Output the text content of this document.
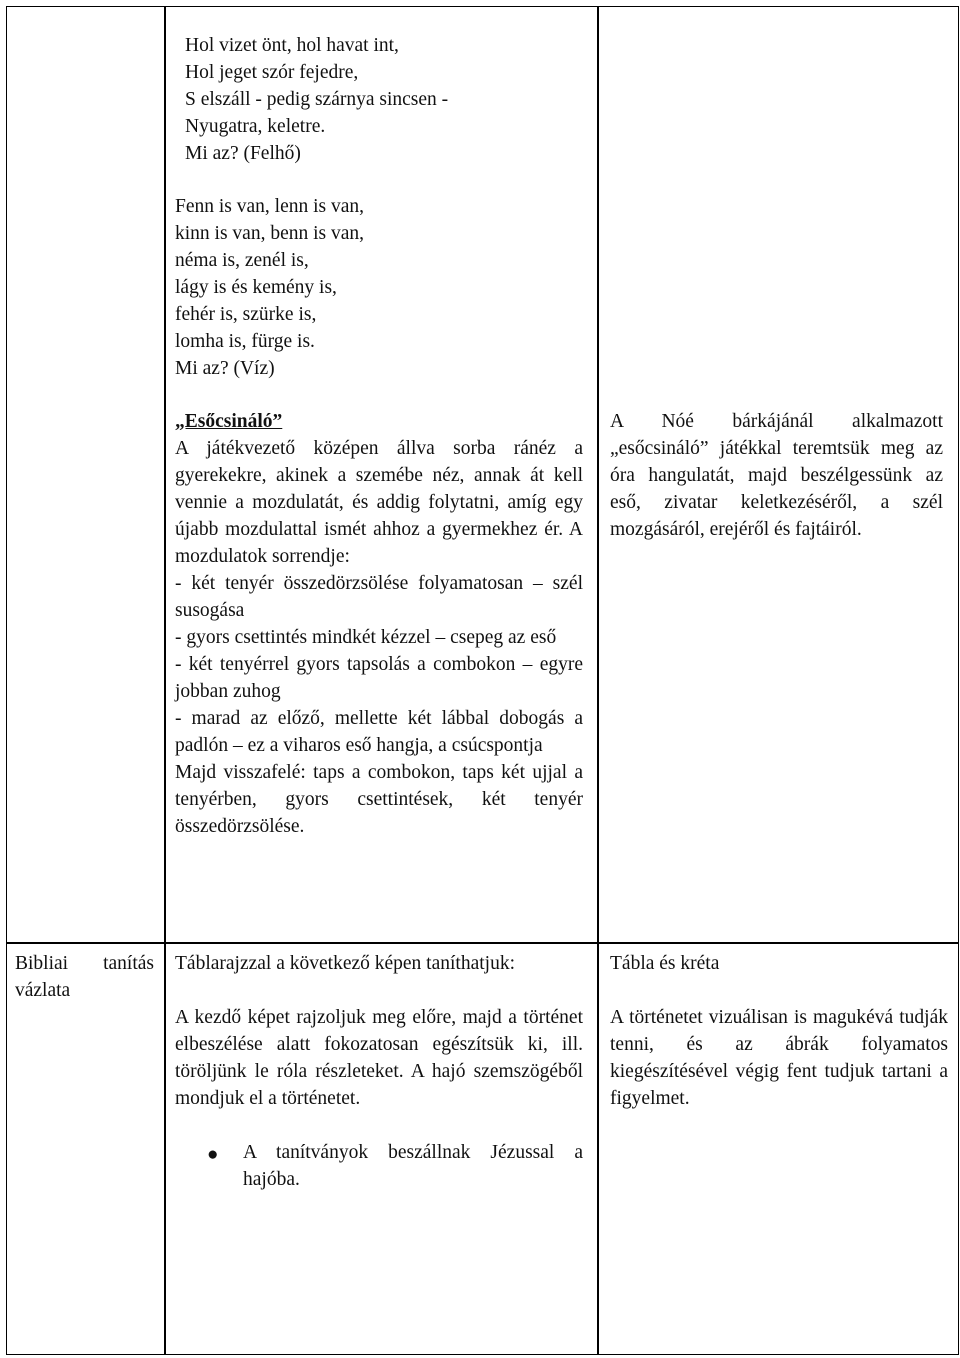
Hol vizet önt, hol havat int,

Hol jeget szór fejedre,

S elszáll - pedig szárnya sincsen -

Nyugatra, keletre.

Mi az? (Felhő)

Fenn is van, lenn is van,

kinn is van, benn is van,

néma is, zenél is,

lágy is és kemény is,

fehér is, szürke is,

lomha is, fürge is.

Mi az? (Víz)

„Esőcsináló”

A játékvezető középen állva sorba ránéz a gyerekekre, akinek a szemébe néz, annak át kell vennie a mozdulatát, és addig folytatni, amíg egy újabb mozdulattal ismét ahhoz a gyermekhez ér. A mozdulatok sorrendje:

- két tenyér összedörzsölése folyamatosan – szél susogása

- gyors csettintés mindkét kézzel – csepeg az eső

- két tenyérrel gyors tapsolás a combokon – egyre jobban zuhog

- marad az előző, mellette két lábbal dobogás a padlón – ez a viharos eső hangja, a csúcspontja

Majd visszafelé: taps a combokon, taps két ujjal a tenyérben, gyors csettintések, két tenyér összedörzsölése.

A Nóé bárkájánál alkalmazott „esőcsináló” játékkal teremtsük meg az óra hangulatát, majd beszélgessünk az eső, zivatar keletkezéséről, a szél mozgásáról, erejéről és fajtáiról.

Bibliai tanítás vázlata

Táblarajzzal a következő képen taníthatjuk:

A kezdő képet rajzoljuk meg előre, majd a történet elbeszélése alatt fokozatosan egészítsük ki, ill. töröljünk le róla részleteket. A hajó szemszögéből mondjuk el a történetet.

● A tanítványok beszállnak Jézussal a hajóba.

Tábla és kréta

A történetet vizuálisan is magukévá tudják tenni, és az ábrák folyamatos kiegészítésével végig fent tudjuk tartani a figyelmet.
